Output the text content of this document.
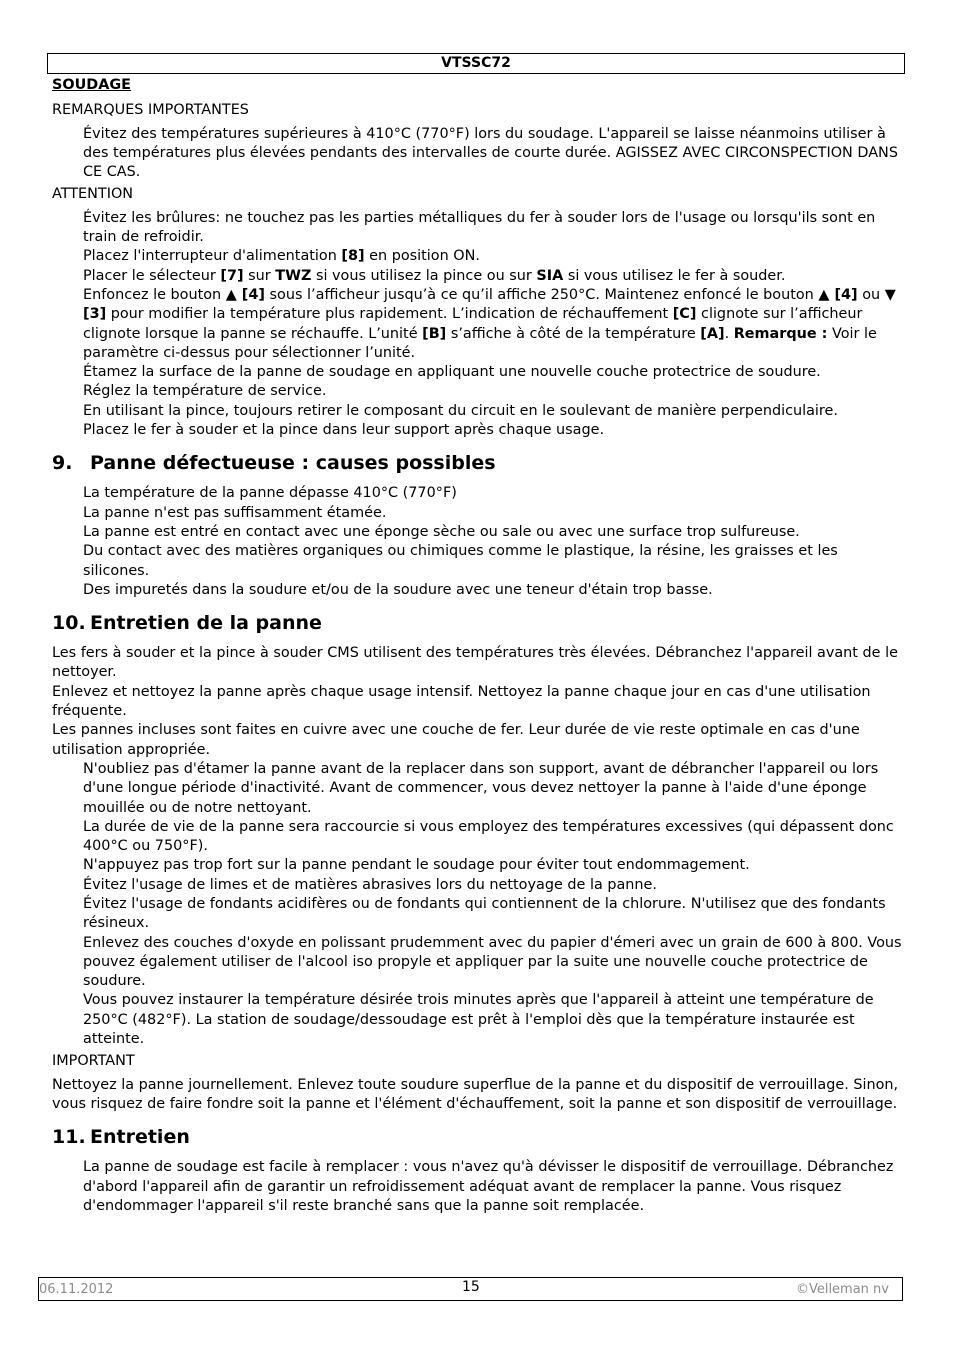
VTSSC72

SOUDAGE

REMARQUES IMPORTANTES

Évitez des températures supérieures à 410°C (770°F) lors du soudage. L'appareil se laisse néanmoins utiliser à des températures plus élevées pendants des intervalles de courte durée. AGISSEZ AVEC CIRCONSPECTION DANS CE CAS.

ATTENTION

Évitez les brûlures: ne touchez pas les parties métalliques du fer à souder lors de l'usage ou lorsqu'ils sont en train de refroidir.

Placez l'interrupteur d'alimentation [8] en position ON.

Placer le sélecteur [7] sur TWZ si vous utilisez la pince ou sur SIA si vous utilisez le fer à souder.

Enfoncez le bouton ▲ [4] sous l’afficheur jusqu’à ce qu’il affiche 250°C. Maintenez enfoncé le bouton ▲ [4] ou ▼ [3] pour modifier la température plus rapidement. L’indication de réchauffement [C] clignote sur l’afficheur clignote lorsque la panne se réchauffe. L’unité [B] s’affiche à côté de la température [A]. Remarque : Voir le paramètre ci-dessus pour sélectionner l’unité.

Étamez la surface de la panne de soudage en appliquant une nouvelle couche protectrice de soudure.

Réglez la température de service.

En utilisant la pince, toujours retirer le composant du circuit en le soulevant de manière perpendiculaire.

Placez le fer à souder et la pince dans leur support après chaque usage.

9. Panne défectueuse : causes possibles

La température de la panne dépasse 410°C (770°F)

La panne n'est pas suffisamment étamée.

La panne est entré en contact avec une éponge sèche ou sale ou avec une surface trop sulfureuse.

Du contact avec des matières organiques ou chimiques comme le plastique, la résine, les graisses et les silicones.

Des impuretés dans la soudure et/ou de la soudure avec une teneur d'étain trop basse.

10. Entretien de la panne

Les fers à souder et la pince à souder CMS utilisent des températures très élevées. Débranchez l'appareil avant de le nettoyer.

Enlevez et nettoyez la panne après chaque usage intensif. Nettoyez la panne chaque jour en cas d'une utilisation fréquente.

Les pannes incluses sont faites en cuivre avec une couche de fer. Leur durée de vie reste optimale en cas d'une utilisation appropriée.

N'oubliez pas d'étamer la panne avant de la replacer dans son support, avant de débrancher l'appareil ou lors d'une longue période d'inactivité. Avant de commencer, vous devez nettoyer la panne à l'aide d'une éponge mouillée ou de notre nettoyant.

La durée de vie de la panne sera raccourcie si vous employez des températures excessives (qui dépassent donc 400°C ou 750°F).

N'appuyez pas trop fort sur la panne pendant le soudage pour éviter tout endommagement.

Évitez l'usage de limes et de matières abrasives lors du nettoyage de la panne.

Évitez l'usage de fondants acidifères ou de fondants qui contiennent de la chlorure. N'utilisez que des fondants résineux.

Enlevez des couches d'oxyde en polissant prudemment avec du papier d'émeri avec un grain de 600 à 800. Vous pouvez également utiliser de l'alcool iso propyle et appliquer par la suite une nouvelle couche protectrice de soudure.

Vous pouvez instaurer la température désirée trois minutes après que l'appareil à atteint une température de 250°C (482°F). La station de soudage/dessoudage est prêt à l'emploi dès que la température instaurée est atteinte.

IMPORTANT

Nettoyez la panne journellement. Enlevez toute soudure superflue de la panne et du dispositif de verrouillage. Sinon, vous risquez de faire fondre soit la panne et l'élément d'échauffement, soit la panne et son dispositif de verrouillage.

11. Entretien

La panne de soudage est facile à remplacer : vous n'avez qu'à dévisser le dispositif de verrouillage. Débranchez d'abord l'appareil afin de garantir un refroidissement adéquat avant de remplacer la panne. Vous risquez d'endommager l'appareil s'il reste branché sans que la panne soit remplacée.

06.11.2012	15	©Velleman nv
